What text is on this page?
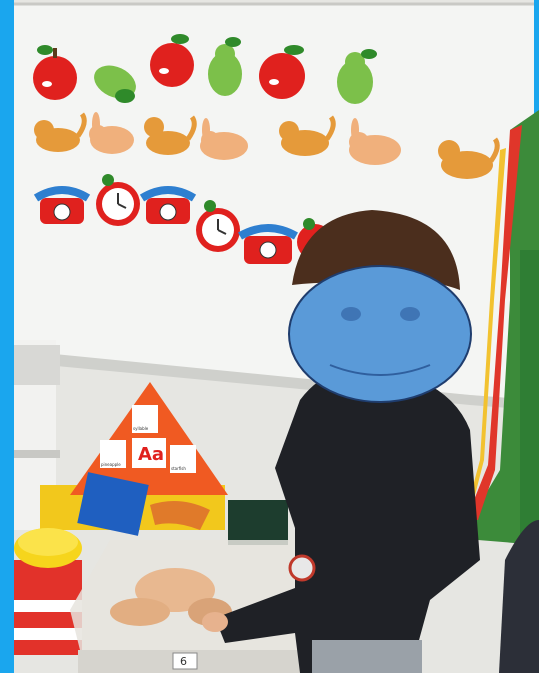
Aa
syllable
pineapple
starfish
6
